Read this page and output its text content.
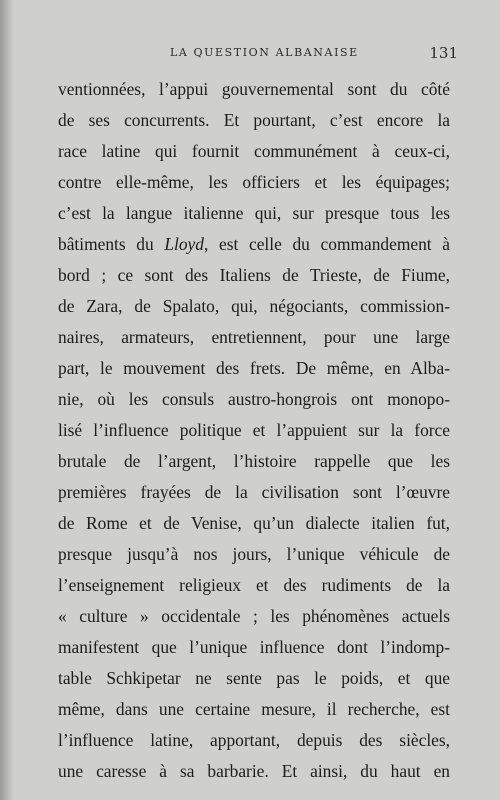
LA QUESTION ALBANAISE	131
ventionnées, l’appui gouvernemental sont du côté
de ses concurrents. Et pourtant, c’est encore la
race latine qui fournit communément à ceux-ci,
contre elle-même, les officiers et les équipages;
c’est la langue italienne qui, sur presque tous les
bâtiments du Lloyd, est celle du commandement à
bord ; ce sont des Italiens de Trieste, de Fiume,
de Zara, de Spalato, qui, négociants, commission-
naires, armateurs, entretiennent, pour une large
part, le mouvement des frets. De même, en Alba-
nie, où les consuls austro-hongrois ont monopo-
lisé l’influence politique et l’appuient sur la force
brutale de l’argent, l’histoire rappelle que les
premières frayées de la civilisation sont l’œuvre
de Rome et de Venise, qu’un dialecte italien fut,
presque jusqu’à nos jours, l’unique véhicule de
l’enseignement religieux et des rudiments de la
« culture » occidentale ; les phénomènes actuels
manifestent que l’unique influence dont l’indomp-
table Schkipetar ne sente pas le poids, et que
même, dans une certaine mesure, il recherche, est
l’influence latine, apportant, depuis des siècles,
une caresse à sa barbarie. Et ainsi, du haut en
